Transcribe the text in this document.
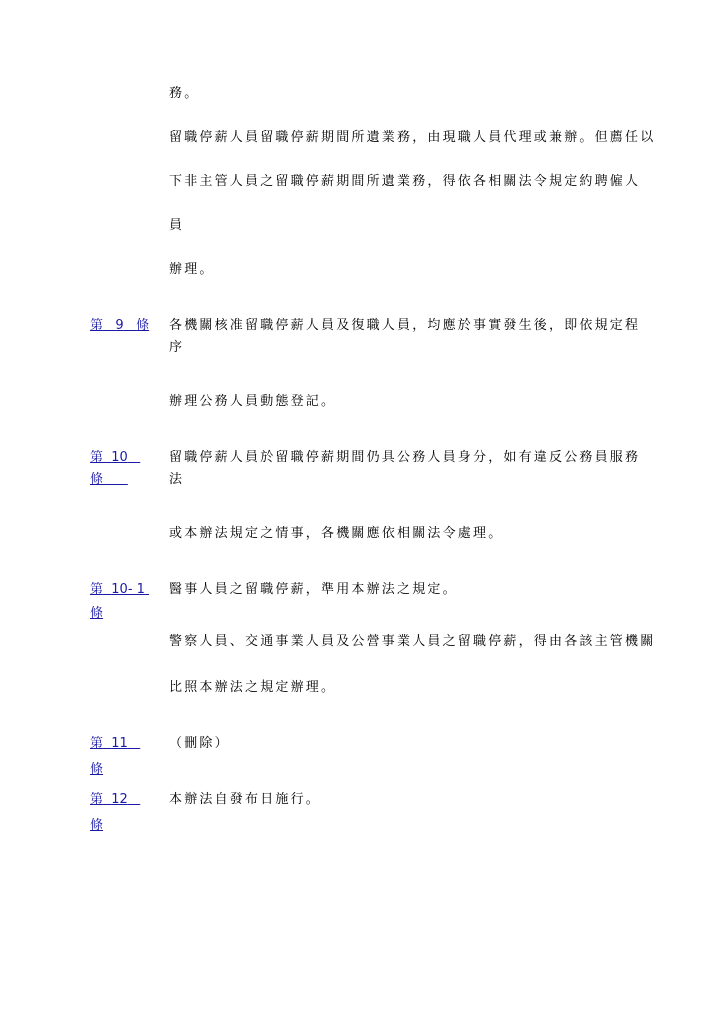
務。
留職停薪人員留職停薪期間所遺業務，由現職人員代理或兼辦。但薦任以
下非主管人員之留職停薪期間所遺業務，得依各相關法令規定約聘僱人
員
辦理。
第 9 條 各機關核准留職停薪人員及復職人員，均應於事實發生後，即依規定程
序
辦理公務人員動態登記。
第 10
條
留職停薪人員於留職停薪期間仍具公務人員身分，如有違反公務員服務
法
或本辦法規定之情事，各機關應依相關法令處理。
第 10- 1
條
醫事人員之留職停薪，準用本辦法之規定。
警察人員、交通事業人員及公營事業人員之留職停薪，得由各該主管機關
比照本辦法之規定辦理。
第 11
條
（刪除）
第 12
條
本辦法自發布日施行。
